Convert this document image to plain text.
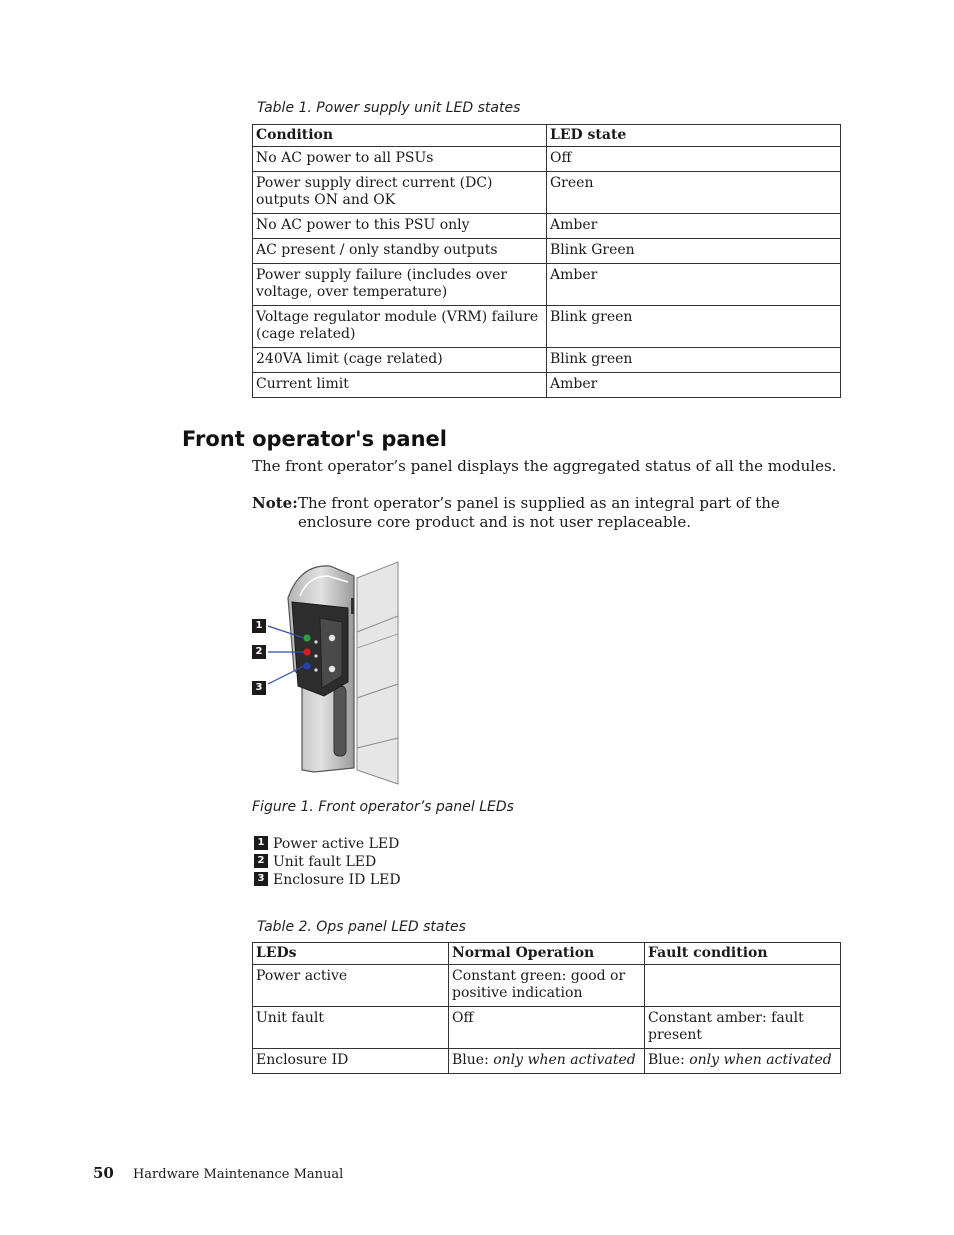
Table 1. Power supply unit LED states
Condition	LED state
No AC power to all PSUs	Off
Power supply direct current (DC) outputs ON and OK	Green
No AC power to this PSU only	Amber
AC present / only standby outputs	Blink Green
Power supply failure (includes over voltage, over temperature)	Amber
Voltage regulator module (VRM) failure (cage related)	Blink green
240VA limit (cage related)	Blink green
Current limit	Amber
Front operator's panel
The front operator’s panel displays the aggregated status of all the modules.
Note: The front operator’s panel is supplied as an integral part of the enclosure core product and is not user replaceable.
1
2
3
Figure 1. Front operator’s panel LEDs
1 Power active LED
2 Unit fault LED
3 Enclosure ID LED
Table 2. Ops panel LED states
LEDs	Normal Operation	Fault condition
Power active	Constant green: good or positive indication	
Unit fault	Off	Constant amber: fault present
Enclosure ID	Blue: only when activated	Blue: only when activated
50 Hardware Maintenance Manual
